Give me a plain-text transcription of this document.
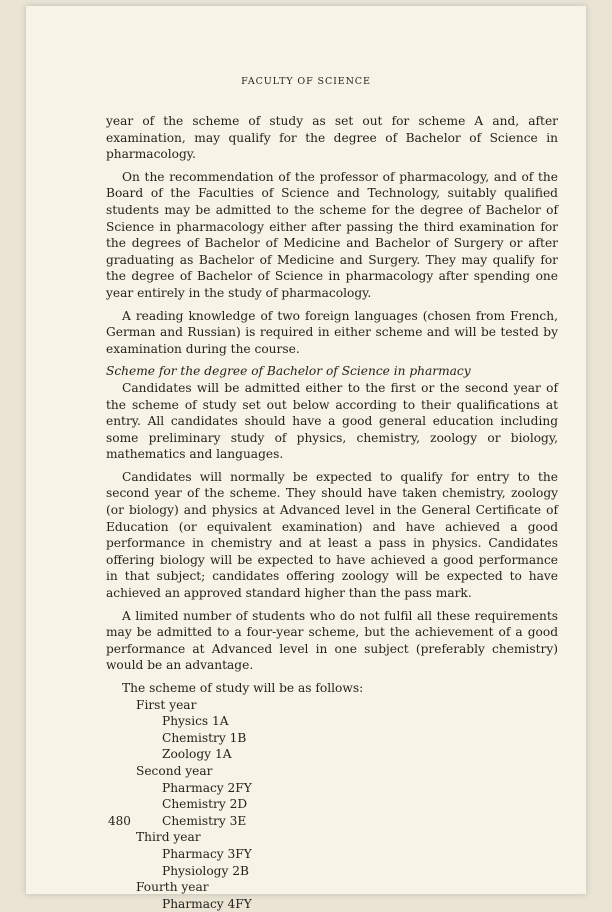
FACULTY OF SCIENCE

year of the scheme of study as set out for scheme A and, after examination, may qualify for the degree of Bachelor of Science in pharmacology.

On the recommendation of the professor of pharmacology, and of the Board of the Faculties of Science and Technology, suitably qualified students may be admitted to the scheme for the degree of Bachelor of Science in pharmacology either after passing the third examination for the degrees of Bachelor of Medicine and Bachelor of Surgery or after graduating as Bachelor of Medicine and Surgery. They may qualify for the degree of Bachelor of Science in pharmacology after spending one year entirely in the study of pharmacology.

A reading knowledge of two foreign languages (chosen from French, German and Russian) is required in either scheme and will be tested by examination during the course.

Scheme for the degree of Bachelor of Science in pharmacy

Candidates will be admitted either to the first or the second year of the scheme of study set out below according to their qualifications at entry. All candidates should have a good general education including some preliminary study of physics, chemistry, zoology or biology, mathematics and languages.

Candidates will normally be expected to qualify for entry to the second year of the scheme. They should have taken chemistry, zoology (or biology) and physics at Advanced level in the General Certificate of Education (or equivalent examination) and have achieved a good performance in chemistry and at least a pass in physics. Candidates offering biology will be expected to have achieved a good performance in that subject; candidates offering zoology will be expected to have achieved an approved standard higher than the pass mark.

A limited number of students who do not fulfil all these requirements may be admitted to a four-year scheme, but the achievement of a good performance at Advanced level in one subject (preferably chemistry) would be an advantage.

The scheme of study will be as follows:
First year
Physics 1A
Chemistry 1B
Zoology 1A
Second year
Pharmacy 2FY
Chemistry 2D
Chemistry 3E
Third year
Pharmacy 3FY
Physiology 2B
Fourth year
Pharmacy 4FY
480
